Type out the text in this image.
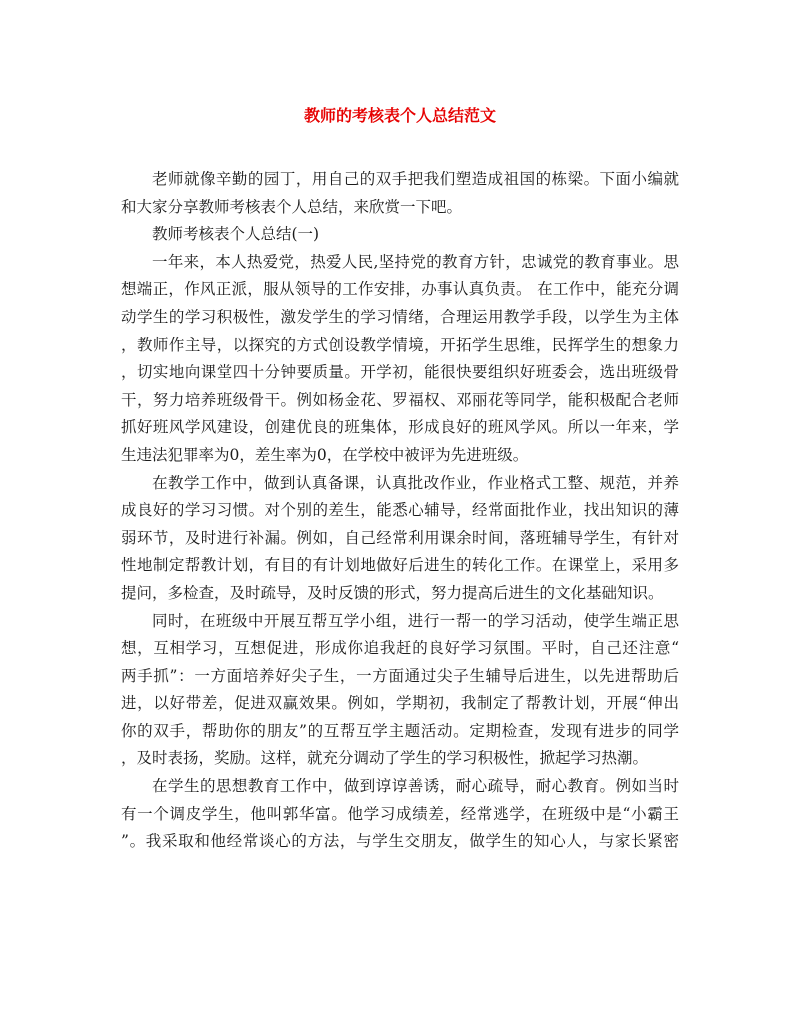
教师的考核表个人总结范文
老师就像辛勤的园丁，用自己的双手把我们塑造成祖国的栋梁。下面小编就
和大家分享教师考核表个人总结，来欣赏一下吧。
教师考核表个人总结(一)
一年来，本人热爱党，热爱人民,坚持党的教育方针，忠诚党的教育事业。思
想端正，作风正派，服从领导的工作安排，办事认真负责。 在工作中，能充分调
动学生的学习积极性，激发学生的学习情绪，合理运用教学手段，以学生为主体
，教师作主导，以探究的方式创设教学情境，开拓学生思维，民挥学生的想象力
，切实地向课堂四十分钟要质量。开学初，能很快要组织好班委会，选出班级骨
干，努力培养班级骨干。例如杨金花、罗福权、邓丽花等同学，能积极配合老师
抓好班风学风建设，创建优良的班集体，形成良好的班风学风。所以一年来，学
生违法犯罪率为0，差生率为0，在学校中被评为先进班级。
在教学工作中，做到认真备课，认真批改作业，作业格式工整、规范，并养
成良好的学习习惯。对个别的差生，能悉心辅导，经常面批作业，找出知识的薄
弱环节，及时进行补漏。例如，自己经常利用课余时间，落班辅导学生，有针对
性地制定帮教计划，有目的有计划地做好后进生的转化工作。在课堂上，采用多
提问，多检查，及时疏导，及时反馈的形式，努力提高后进生的文化基础知识。
同时，在班级中开展互帮互学小组，进行一帮一的学习活动，使学生端正思
想，互相学习，互想促进，形成你追我赶的良好学习氛围。平时，自己还注意“
两手抓”：一方面培养好尖子生，一方面通过尖子生辅导后进生，以先进帮助后
进，以好带差，促进双赢效果。例如，学期初，我制定了帮教计划，开展“伸出
你的双手，帮助你的朋友”的互帮互学主题活动。定期检查，发现有进步的同学
，及时表扬，奖励。这样，就充分调动了学生的学习积极性，掀起学习热潮。
在学生的思想教育工作中，做到谆谆善诱，耐心疏导，耐心教育。例如当时
有一个调皮学生，他叫郭华富。他学习成绩差，经常逃学，在班级中是“小霸王
”。我采取和他经常谈心的方法，与学生交朋友，做学生的知心人，与家长紧密
